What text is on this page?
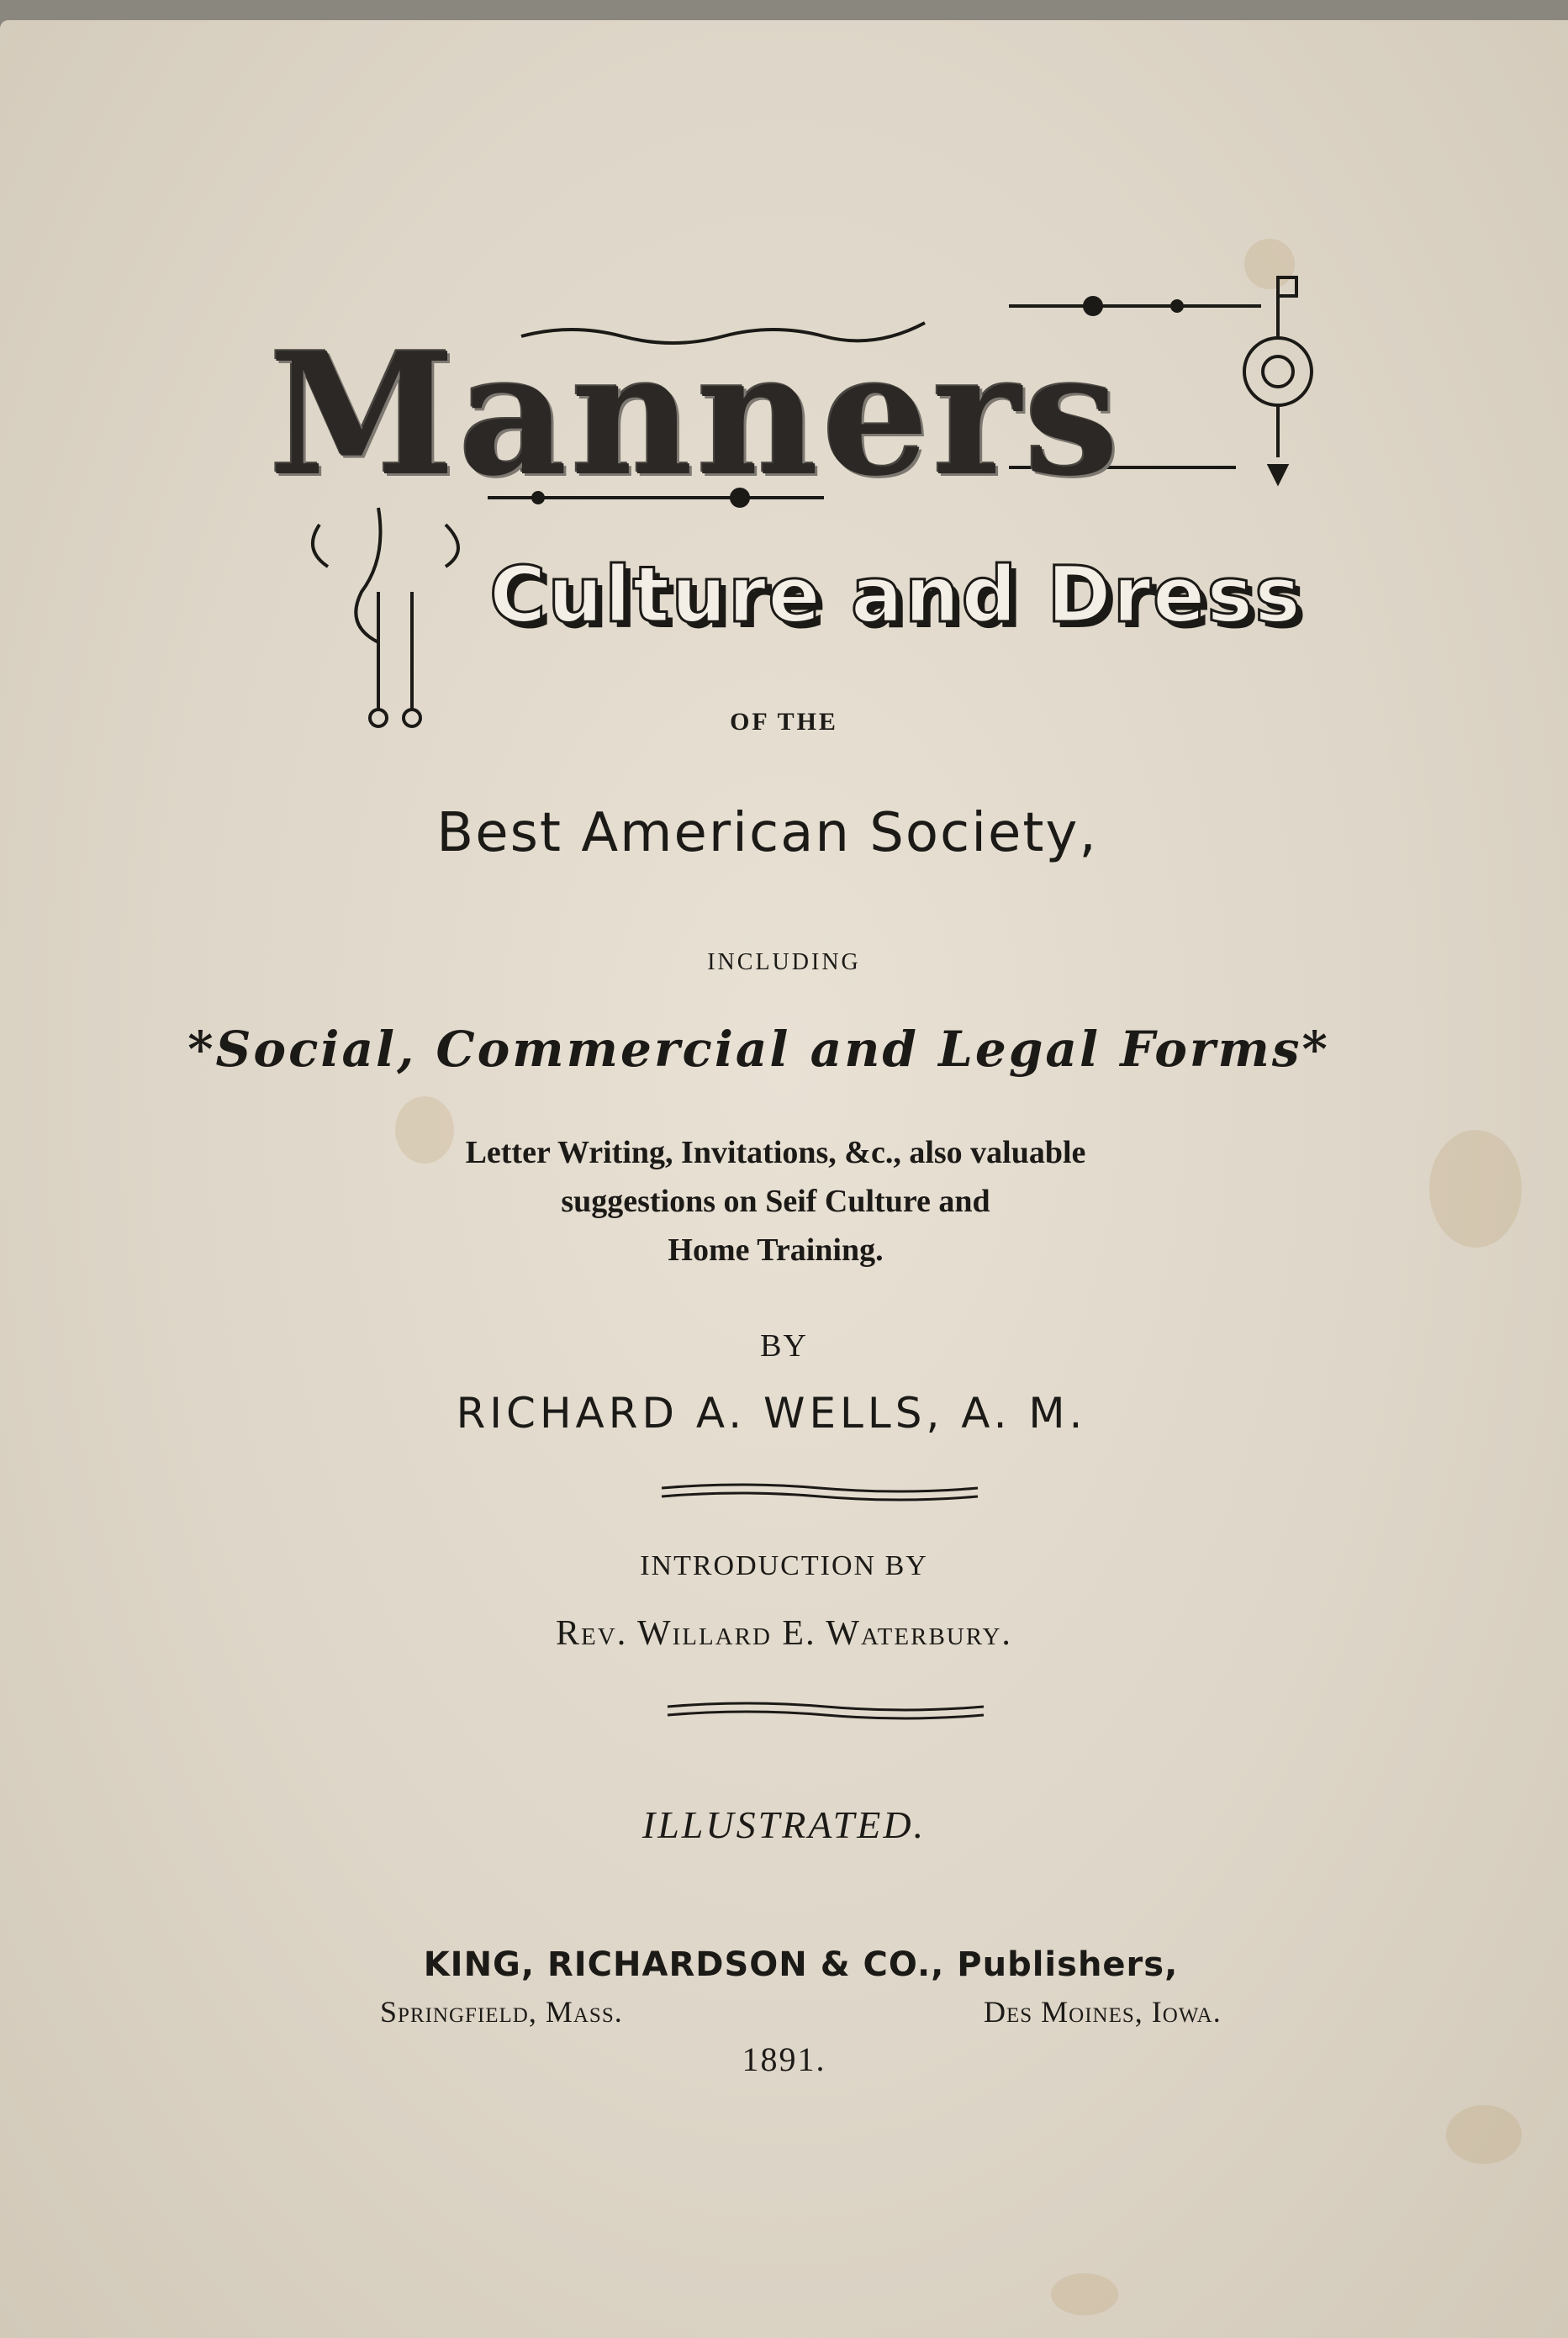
Manners
Culture and Dress
OF THE
Best American Society,
INCLUDING
*Social, Commercial and Legal Forms*
Letter Writing, Invitations, &c., also valuable
suggestions on Seif Culture and
Home Training.
BY
RICHARD A. WELLS, A. M.
INTRODUCTION BY
Rev. Willard E. Waterbury.
ILLUSTRATED.
KING, RICHARDSON & CO., Publishers,
Springfield, Mass.	Des Moines, Iowa.
1891.
